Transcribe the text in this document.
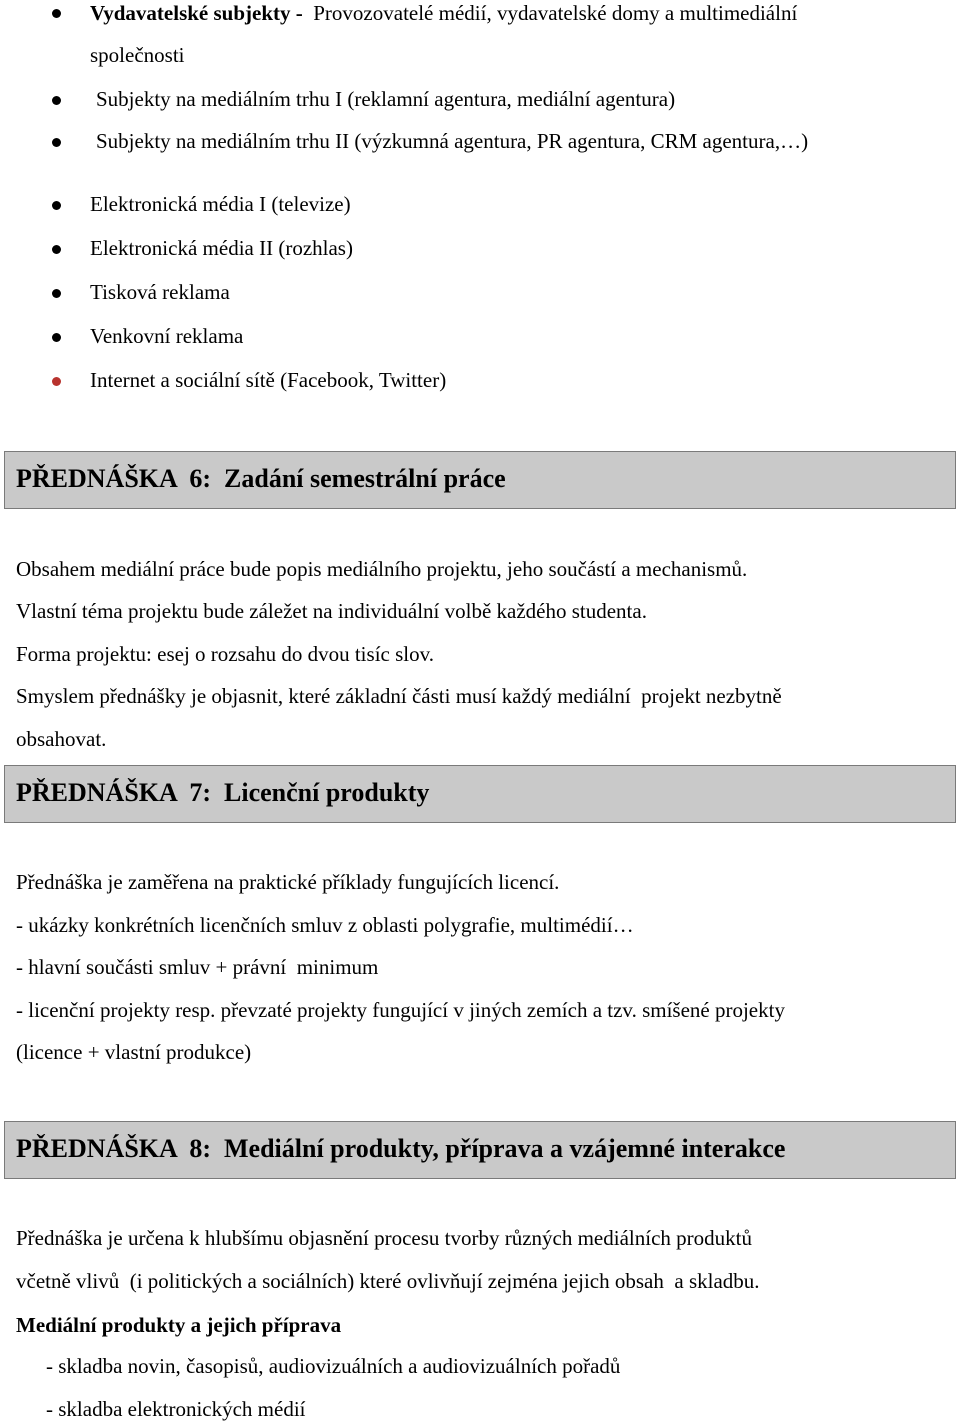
Vydavatelské subjekty -  Provozovatelé médií, vydavatelské domy a multimediální
společnosti
Subjekty na mediálním trhu I (reklamní agentura, mediální agentura)
Subjekty na mediálním trhu II (výzkumná agentura, PR agentura, CRM agentura,…)
Elektronická média I (televize)
Elektronická média II (rozhlas)
Tisková reklama
Venkovní reklama
Internet a sociální sítě (Facebook, Twitter)
PŘEDNÁŠKA  6:  Zadání semestrální práce
Obsahem mediální práce bude popis mediálního projektu, jeho součástí a mechanismů.
Vlastní téma projektu bude záležet na individuální volbě každého studenta.
Forma projektu: esej o rozsahu do dvou tisíc slov.
Smyslem přednášky je objasnit, které základní části musí každý mediální  projekt nezbytně
obsahovat.
PŘEDNÁŠKA  7:  Licenční produkty
Přednáška je zaměřena na praktické příklady fungujících licencí.
- ukázky konkrétních licenčních smluv z oblasti polygrafie, multimédií…
- hlavní součásti smluv + právní  minimum
- licenční projekty resp. převzaté projekty fungující v jiných zemích a tzv. smíšené projekty
(licence + vlastní produkce)
PŘEDNÁŠKA  8:  Mediální produkty, příprava a vzájemné interakce
Přednáška je určena k hlubšímu objasnění procesu tvorby různých mediálních produktů
včetně vlivů  (i politických a sociálních) které ovlivňují zejména jejich obsah  a skladbu.
Mediální produkty a jejich příprava
- skladba novin, časopisů, audiovizuálních a audiovizuálních pořadů
- skladba elektronických médií
